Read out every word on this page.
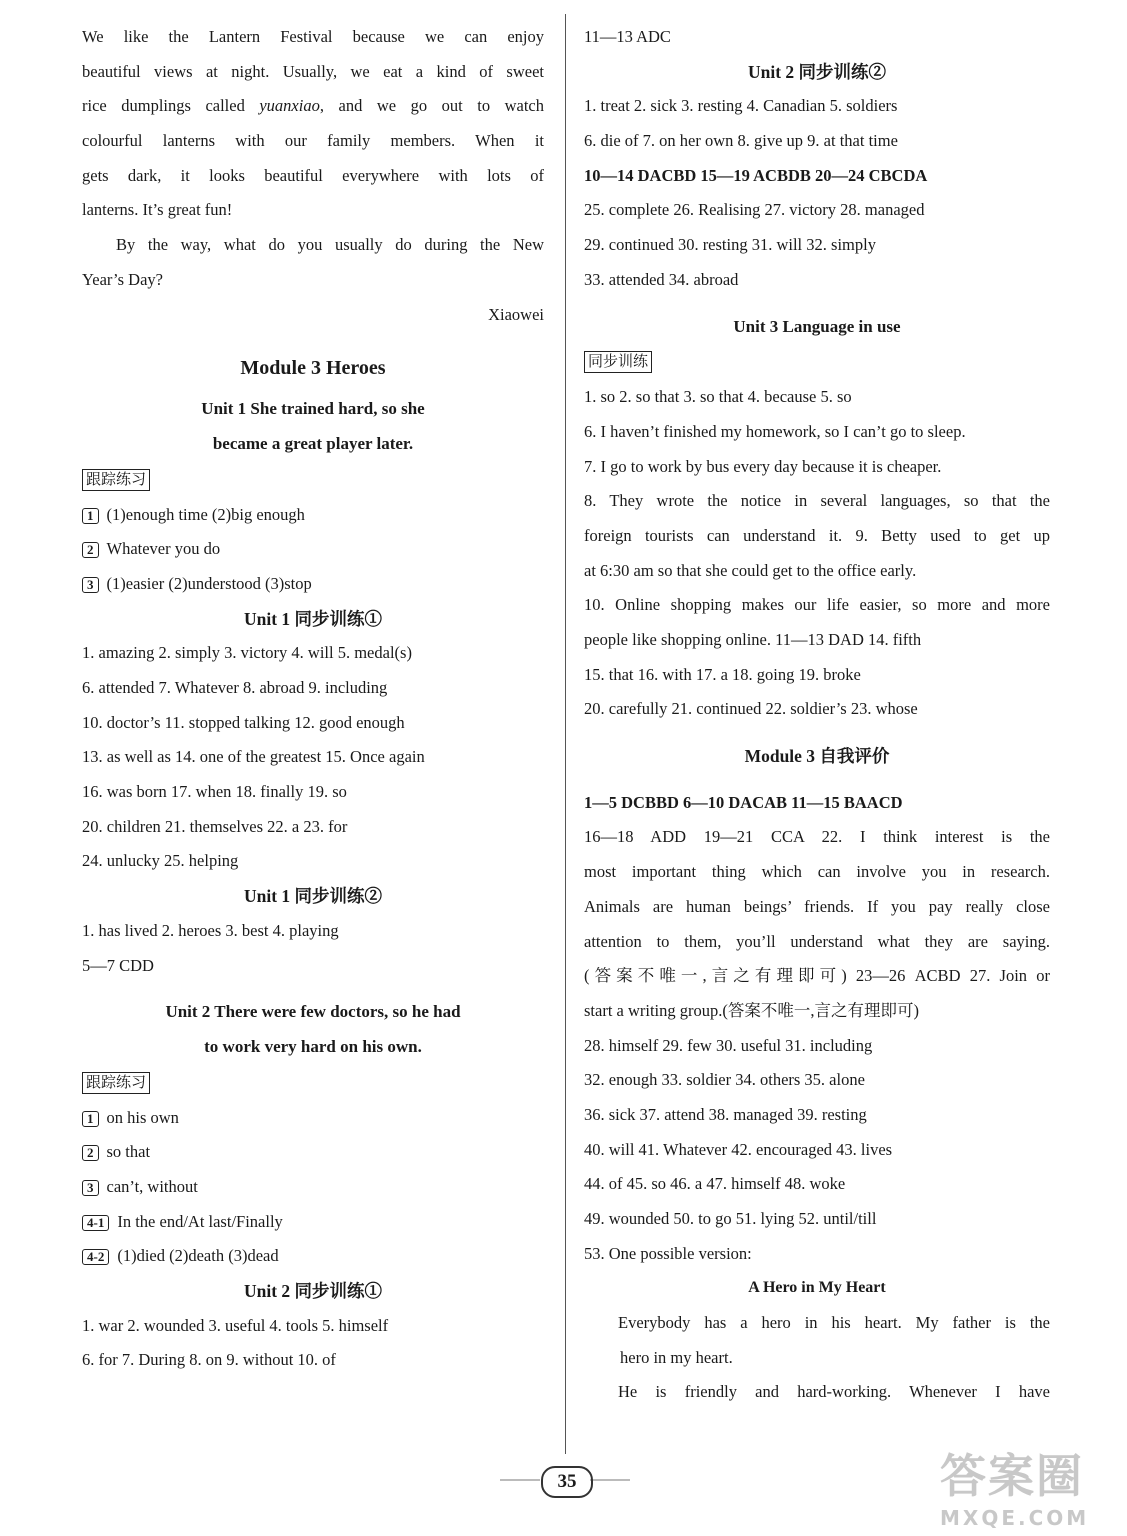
We like the Lantern Festival because we can enjoy
beautiful views at night. Usually, we eat a kind of sweet
rice dumplings called yuanxiao, and we go out to watch
colourful lanterns with our family members. When it
gets dark, it looks beautiful everywhere with lots of
lanterns. It’s great fun!
By the way, what do you usually do during the New
Year’s Day?
Xiaowei
Module 3 Heroes
Unit 1 She trained hard, so she
became a great player later.
跟踪练习
1 (1)enough time (2)big enough
2 Whatever you do
3 (1)easier (2)understood (3)stop
Unit 1 同步训练①
1. amazing 2. simply 3. victory 4. will 5. medal(s)
6. attended 7. Whatever 8. abroad 9. including
10. doctor’s 11. stopped talking 12. good enough
13. as well as 14. one of the greatest 15. Once again
16. was born 17. when 18. finally 19. so
20. children 21. themselves 22. a 23. for
24. unlucky 25. helping
Unit 1 同步训练②
1. has lived 2. heroes 3. best 4. playing
5—7 CDD
Unit 2 There were few doctors, so he had
to work very hard on his own.
跟踪练习
1 on his own
2 so that
3 can’t, without
4-1 In the end/At last/Finally
4-2 (1)died (2)death (3)dead
Unit 2 同步训练①
1. war 2. wounded 3. useful 4. tools 5. himself
6. for 7. During 8. on 9. without 10. of
11—13 ADC
Unit 2 同步训练②
1. treat 2. sick 3. resting 4. Canadian 5. soldiers
6. die of 7. on her own 8. give up 9. at that time
10—14 DACBD 15—19 ACBDB 20—24 CBCDA
25. complete 26. Realising 27. victory 28. managed
29. continued 30. resting 31. will 32. simply
33. attended 34. abroad
Unit 3 Language in use
同步训练
1. so 2. so that 3. so that 4. because 5. so
6. I haven’t finished my homework, so I can’t go to sleep.
7. I go to work by bus every day because it is cheaper.
8. They wrote the notice in several languages, so that the
foreign tourists can understand it. 9. Betty used to get up
at 6:30 am so that she could get to the office early.
10. Online shopping makes our life easier, so more and more
people like shopping online. 11—13 DAD 14. fifth
15. that 16. with 17. a 18. going 19. broke
20. carefully 21. continued 22. soldier’s 23. whose
Module 3 自我评价
1—5 DCBBD 6—10 DACAB 11—15 BAACD
16—18 ADD 19—21 CCA 22. I think interest is the
most important thing which can involve you in research.
Animals are human beings’ friends. If you pay really close
attention to them, you’ll understand what they are saying.
(答案不唯一,言之有理即可) 23—26 ACBD 27. Join or
start a writing group.(答案不唯一,言之有理即可)
28. himself 29. few 30. useful 31. including
32. enough 33. soldier 34. others 35. alone
36. sick 37. attend 38. managed 39. resting
40. will 41. Whatever 42. encouraged 43. lives
44. of 45. so 46. a 47. himself 48. woke
49. wounded 50. to go 51. lying 52. until/till
53. One possible version:
A Hero in My Heart
Everybody has a hero in his heart. My father is the
hero in my heart.
He is friendly and hard-working. Whenever I have
35	答案圈
MXQE.COM
